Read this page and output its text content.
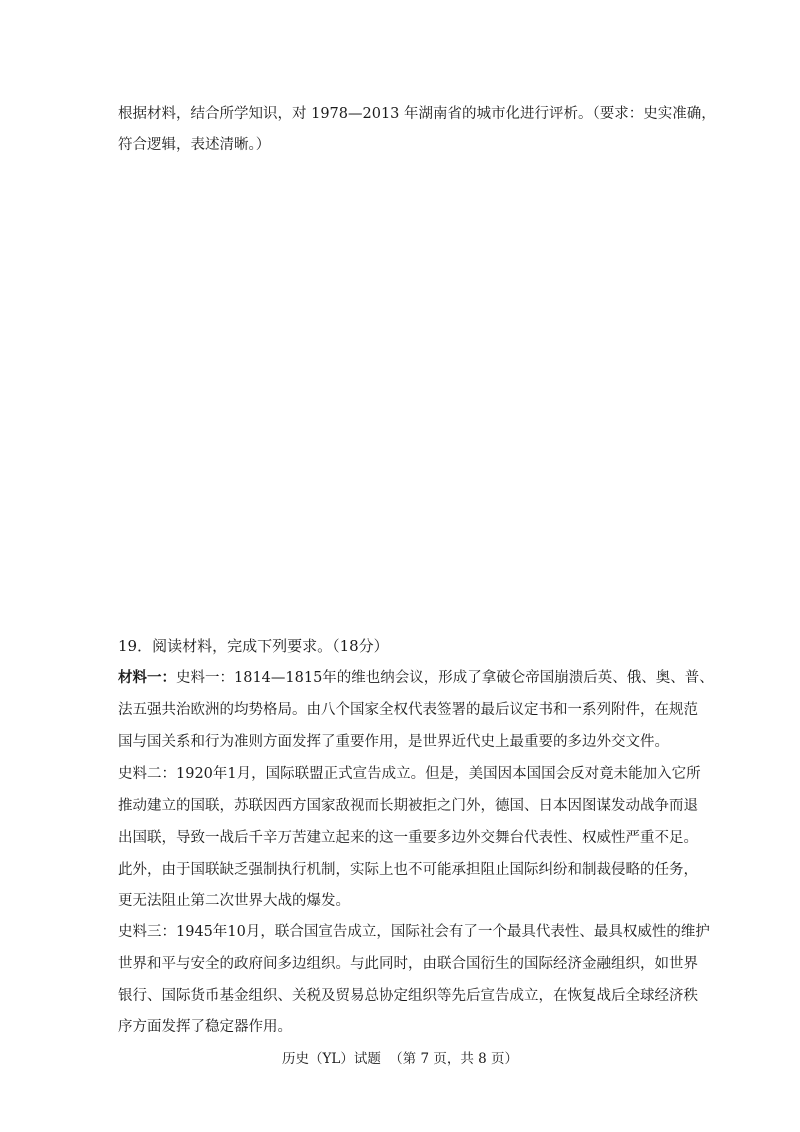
根据材料，结合所学知识，对 1978—2013 年湖南省的城市化进行评析。（要求：史实准确，
符合逻辑，表述清晰。）
19．阅读材料，完成下列要求。（18分）
材料一：史料一：1814—1815年的维也纳会议，形成了拿破仑帝国崩溃后英、俄、奥、普、
法五强共治欧洲的均势格局。由八个国家全权代表签署的最后议定书和一系列附件，在规范
国与国关系和行为准则方面发挥了重要作用，是世界近代史上最重要的多边外交文件。
史料二：1920年1月，国际联盟正式宣告成立。但是，美国因本国国会反对竟未能加入它所
推动建立的国联，苏联因西方国家敌视而长期被拒之门外，德国、日本因图谋发动战争而退
出国联，导致一战后千辛万苦建立起来的这一重要多边外交舞台代表性、权威性严重不足。
此外，由于国联缺乏强制执行机制，实际上也不可能承担阻止国际纠纷和制裁侵略的任务，
更无法阻止第二次世界大战的爆发。
史料三：1945年10月，联合国宣告成立，国际社会有了一个最具代表性、最具权威性的维护
世界和平与安全的政府间多边组织。与此同时，由联合国衍生的国际经济金融组织，如世界
银行、国际货币基金组织、关税及贸易总协定组织等先后宣告成立，在恢复战后全球经济秩
序方面发挥了稳定器作用。
历史（YL）试题 （第 7 页，共 8 页）
